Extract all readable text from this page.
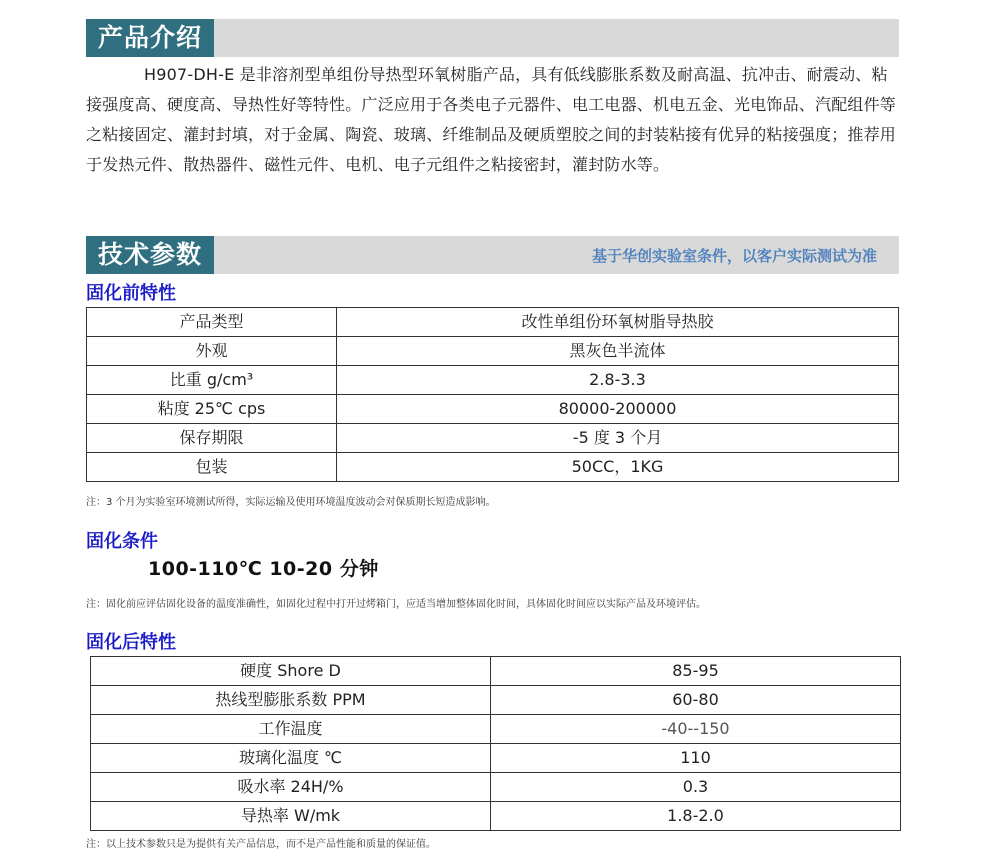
产品介绍

H907-DH-E 是非溶剂型单组份导热型环氧树脂产品，具有低线膨胀系数及耐高温、抗冲击、耐震动、粘接强度高、硬度高、导热性好等特性。广泛应用于各类电子元器件、电工电器、机电五金、光电饰品、汽配组件等之粘接固定、灌封封填，对于金属、陶瓷、玻璃、纤维制品及硬质塑胶之间的封装粘接有优异的粘接强度；推荐用于发热元件、散热器件、磁性元件、电机、电子元组件之粘接密封，灌封防水等。

技术参数	基于华创实验室条件，以客户实际测试为准
固化前特性
产品类型	改性单组份环氧树脂导热胶
外观	黑灰色半流体
比重 g/cm³	2.8-3.3
粘度 25℃ cps	80000-200000
保存期限	-5 度 3 个月
包装	50CC，1KG

注：3 个月为实验室环境测试所得，实际运输及使用环境温度波动会对保质期长短造成影响。

固化条件

100-110℃ 10-20 分钟

注：固化前应评估固化设备的温度准确性，如固化过程中打开过烤箱门，应适当增加整体固化时间，具体固化时间应以实际产品及环境评估。

固化后特性
硬度 Shore D	85-95
热线型膨胀系数 PPM	60-80
工作温度	-40--150
玻璃化温度 ℃	110
吸水率 24H/%	0.3
导热率 W/mk	1.8-2.0

注：以上技术参数只是为提供有关产品信息，而不是产品性能和质量的保证值。
